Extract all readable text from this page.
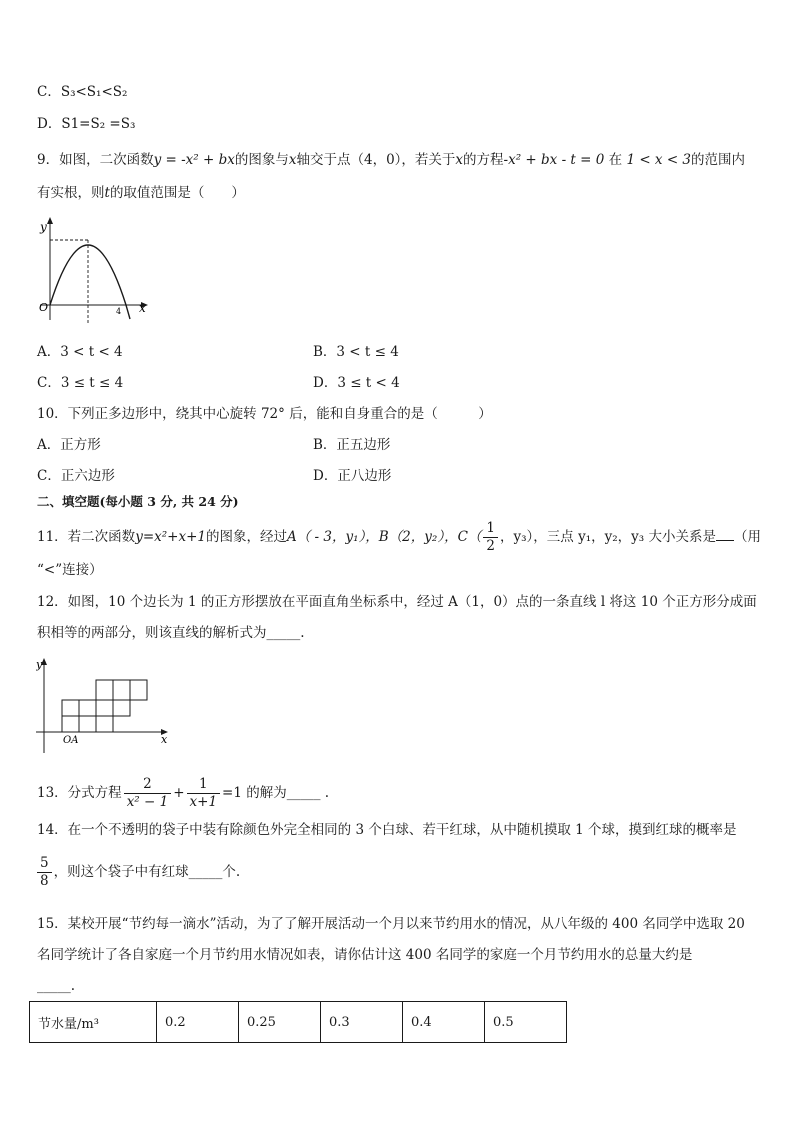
C．S₃<S₁<S₂
D．S1=S₂ =S₃
9．如图，二次函数y = -x² + bx的图象与x轴交于点（4，0），若关于x的方程-x² + bx - t = 0 在 1 < x < 3的范围内
有实根，则t的取值范围是（　　）
y
x
O	4
A．3 < t < 4	B．3 < t ≤ 4
C．3 ≤ t ≤ 4	D．3 ≤ t < 4
10．下列正多边形中，绕其中心旋转 72° 后，能和自身重合的是（　　　）
A．正方形	B．正五边形
C．正六边形	D．正八边形
二、填空题(每小题 3 分, 共 24 分)
11．若二次函数y=x²+x+1的图象，经过A（ - 3，y₁），B（2，y₂），$C( \frac{1}{2}$ ，y₃），三点 y₁，y₂，y₃ 大小关系是 （用
“<”连接）
12．如图，10 个边长为 1 的正方形摆放在平面直角坐标系中，经过 A（1，0）点的一条直线 l 将这 10 个正方形分成面
积相等的两部分，则该直线的解析式为_____.
y
x
OA
13．分式方程 $\frac{2}{\text{x² − 1}} + \frac{1}{x+1} =1$ 的解为_____ .
14．在一个不透明的袋子中装有除颜色外完全相同的 3 个白球、若干红球，从中随机摸取 1 个球，摸到红球的概率是
$\frac{5}{8}$ ，则这个袋子中有红球_____个.
15．某校开展“节约每一滴水”活动，为了了解开展活动一个月以来节约用水的情况，从八年级的 400 名同学中选取 20
名同学统计了各自家庭一个月节约用水情况如表，请你估计这 400 名同学的家庭一个月节约用水的总量大约是
_____.
节水量/m³	0.2	0.25	0.3	0.4	0.5
